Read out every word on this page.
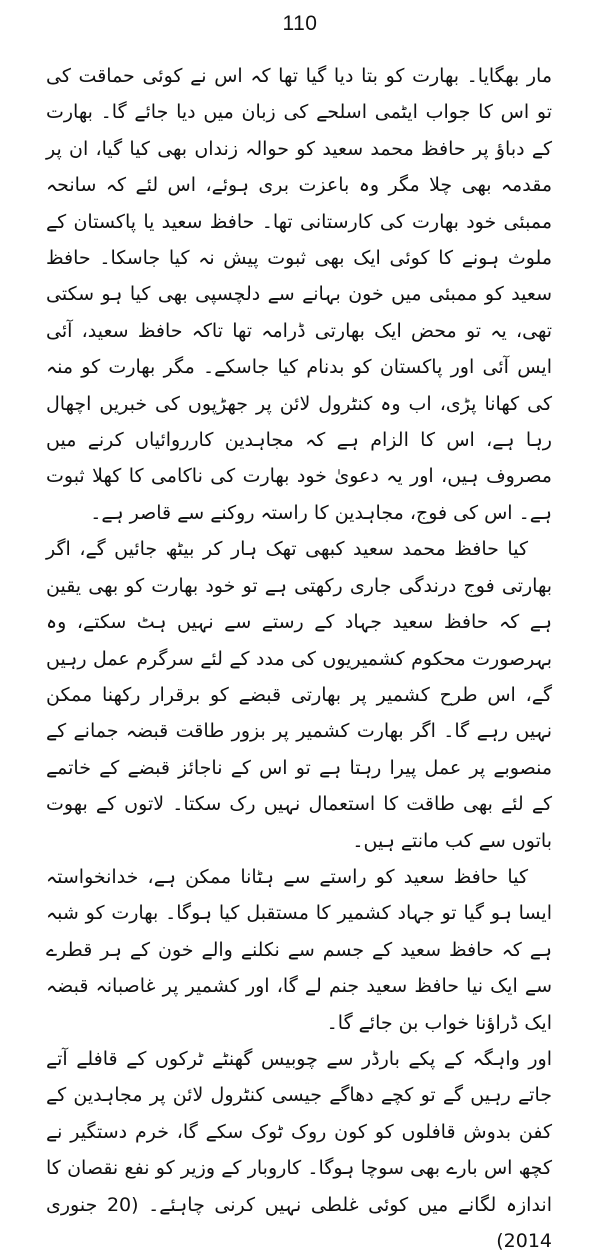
110

مار بھگایا۔ بھارت کو بتا دیا گیا تھا کہ اس نے کوئی حماقت کی تو اس کا جواب ایٹمی اسلحے کی زبان میں دیا جائے گا۔ بھارت کے دباؤ پر حافظ محمد سعید کو حوالہ زنداں بھی کیا گیا، ان پر مقدمہ بھی چلا مگر وہ باعزت بری ہوئے، اس لئے کہ سانحہ ممبئی خود بھارت کی کارستانی تھا۔ حافظ سعید یا پاکستان کے ملوث ہونے کا کوئی ایک بھی ثبوت پیش نہ کیا جاسکا۔ حافظ سعید کو ممبئی میں خون بہانے سے دلچسپی بھی کیا ہو سکتی تھی، یہ تو محض ایک بھارتی ڈرامہ تھا تاکہ حافظ سعید، آئی ایس آئی اور پاکستان کو بدنام کیا جاسکے۔ مگر بھارت کو منہ کی کھانا پڑی، اب وہ کنٹرول لائن پر جھڑپوں کی خبریں اچھال رہا ہے، اس کا الزام ہے کہ مجاہدین کارروائیاں کرنے میں مصروف ہیں، اور یہ دعویٰ خود بھارت کی ناکامی کا کھلا ثبوت ہے۔ اس کی فوج، مجاہدین کا راستہ روکنے سے قاصر ہے۔

کیا حافظ محمد سعید کبھی تھک ہار کر بیٹھ جائیں گے، اگر بھارتی فوج درندگی جاری رکھتی ہے تو خود بھارت کو بھی یقین ہے کہ حافظ سعید جہاد کے رستے سے نہیں ہٹ سکتے، وہ بہرصورت محکوم کشمیریوں کی مدد کے لئے سرگرم عمل رہیں گے، اس طرح کشمیر پر بھارتی قبضے کو برقرار رکھنا ممکن نہیں رہے گا۔ اگر بھارت کشمیر پر بزور طاقت قبضہ جمانے کے منصوبے پر عمل پیرا رہتا ہے تو اس کے ناجائز قبضے کے خاتمے کے لئے بھی طاقت کا استعمال نہیں رک سکتا۔ لاتوں کے بھوت باتوں سے کب مانتے ہیں۔

کیا حافظ سعید کو راستے سے ہٹانا ممکن ہے، خدانخواستہ ایسا ہو گیا تو جہاد کشمیر کا مستقبل کیا ہوگا۔ بھارت کو شبہ ہے کہ حافظ سعید کے جسم سے نکلنے والے خون کے ہر قطرے سے ایک نیا حافظ سعید جنم لے گا، اور کشمیر پر غاصبانہ قبضہ ایک ڈراؤنا خواب بن جائے گا۔

اور واہگہ کے پکے بارڈر سے چوبیس گھنٹے ٹرکوں کے قافلے آتے جاتے رہیں گے تو کچے دھاگے جیسی کنٹرول لائن پر مجاہدین کے کفن بدوش قافلوں کو کون روک ٹوک سکے گا، خرم دستگیر نے کچھ اس بارے بھی سوچا ہوگا۔ کاروبار کے وزیر کو نفع نقصان کا اندازہ لگانے میں کوئی غلطی نہیں کرنی چاہئے۔ (20 جنوری 2014)
